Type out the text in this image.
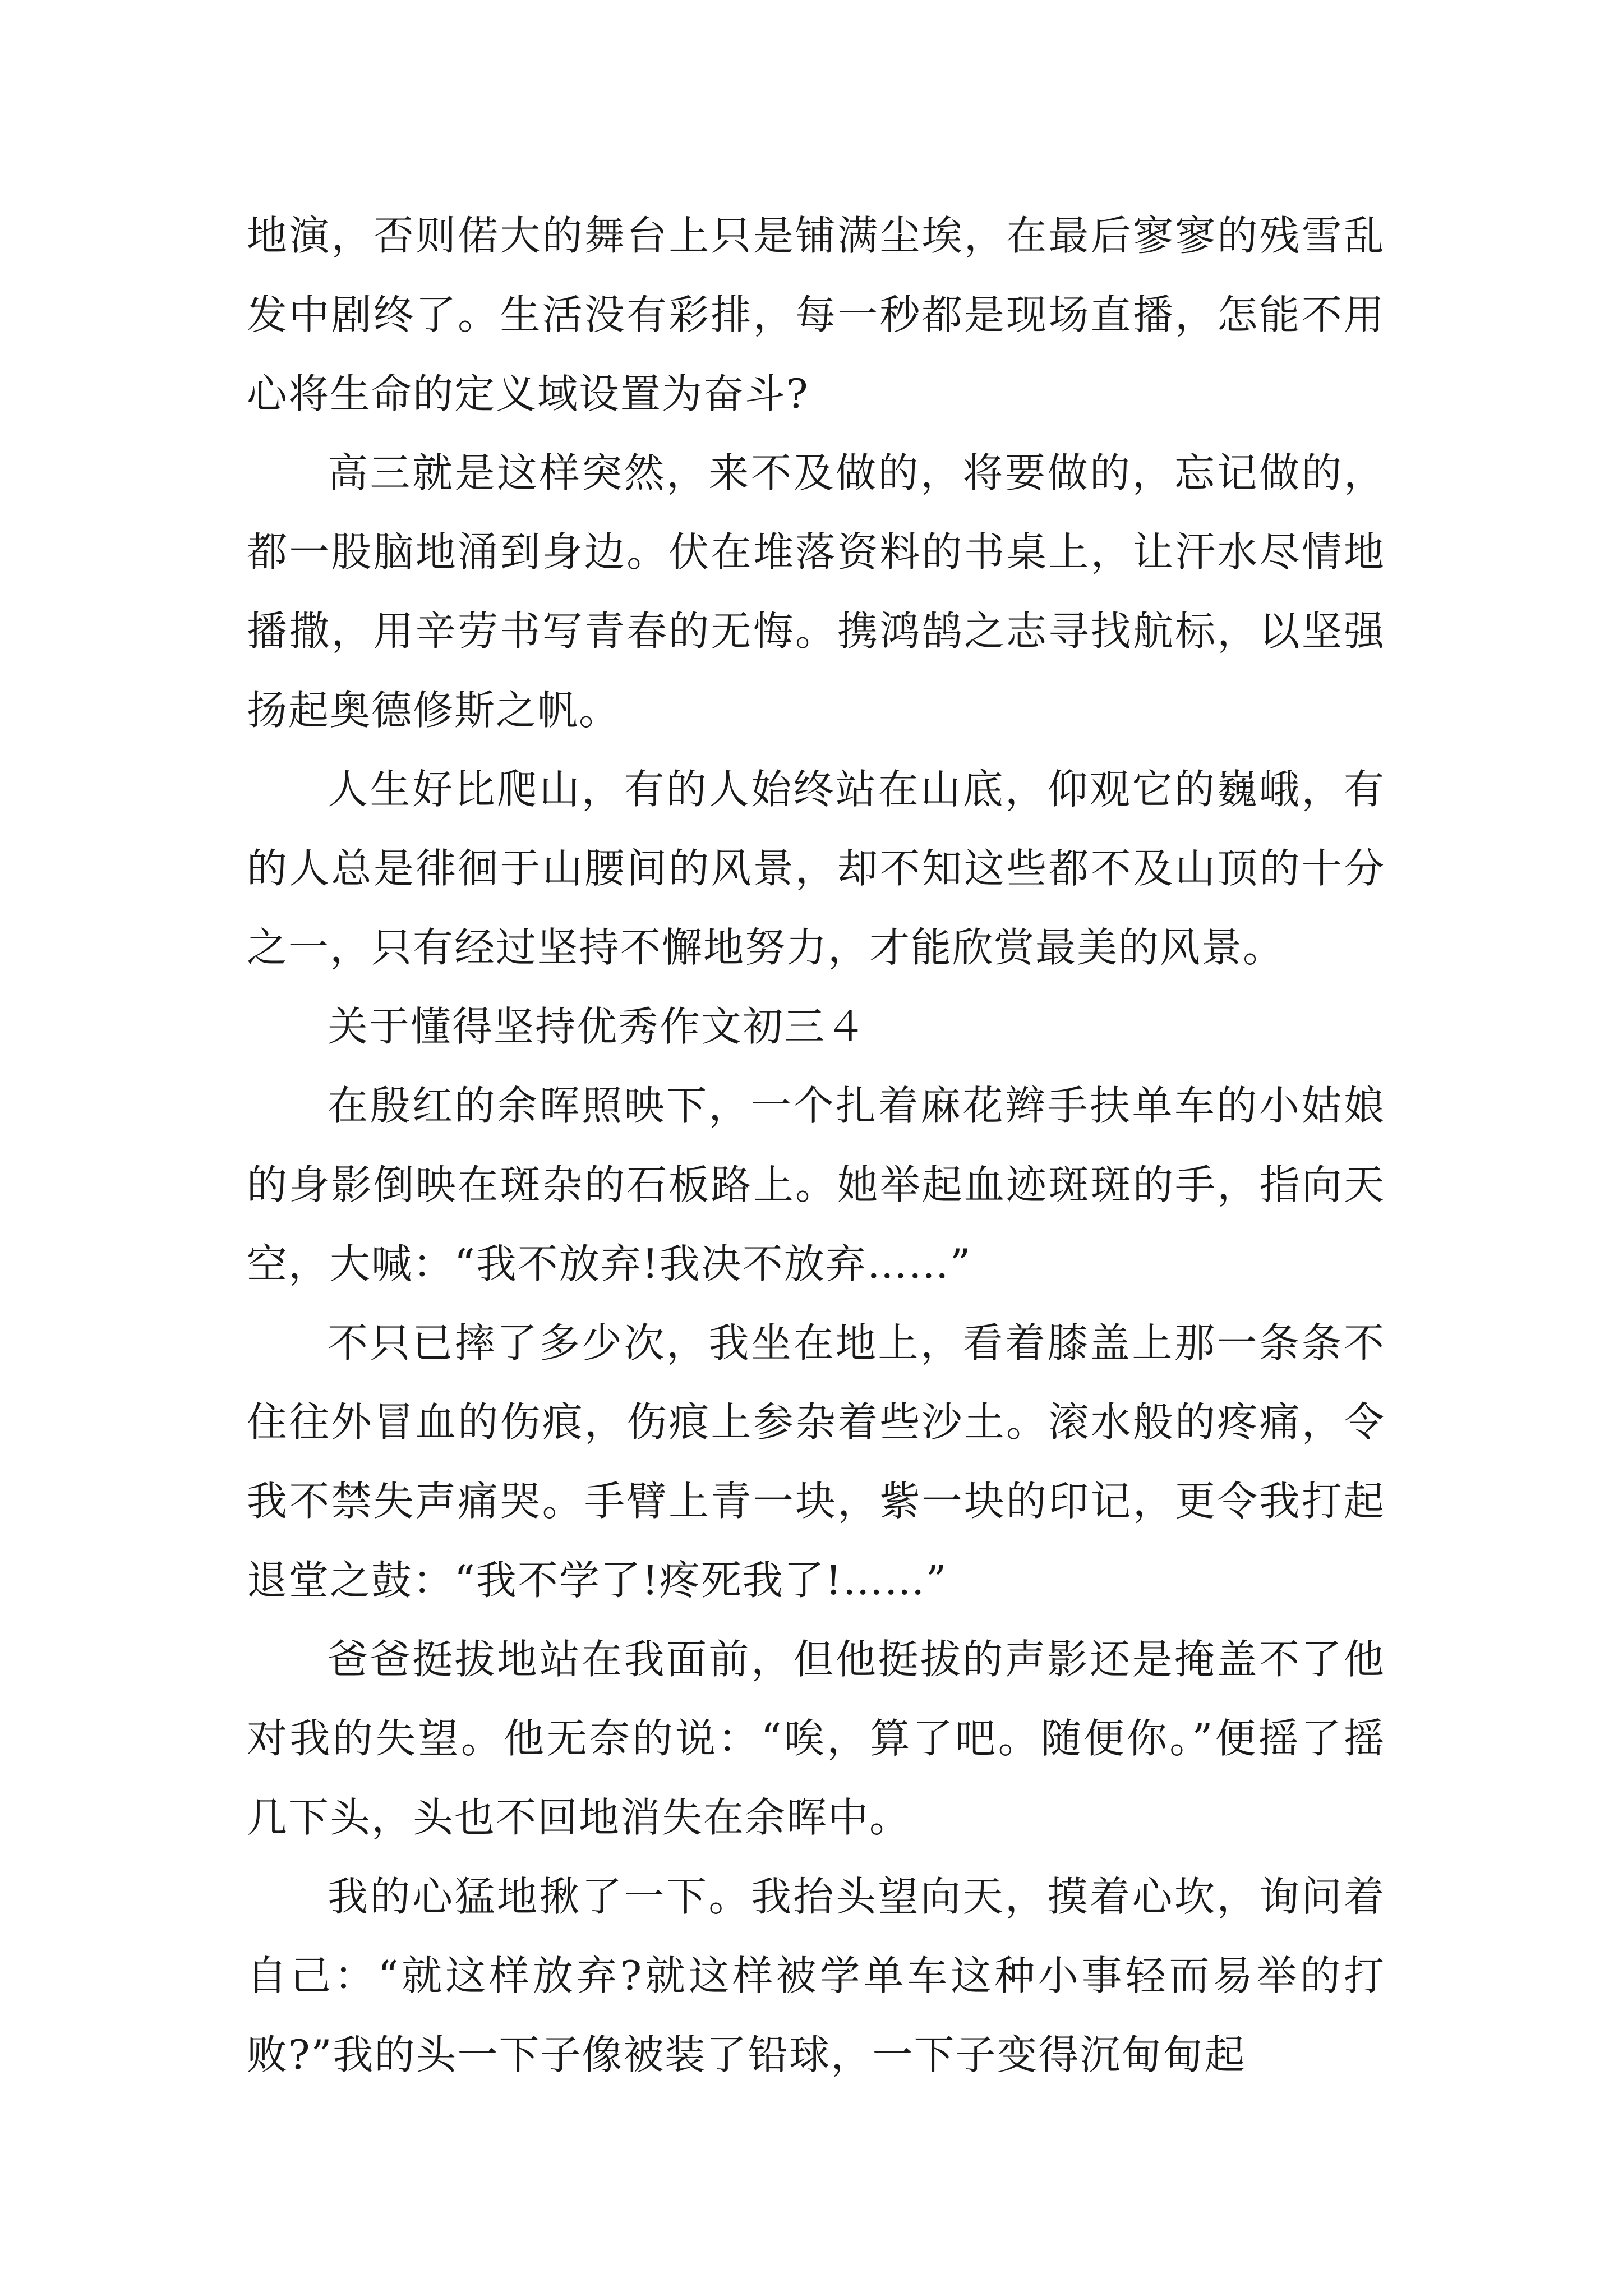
地演，否则偌大的舞台上只是铺满尘埃，在最后寥寥的残雪乱发中剧终了。生活没有彩排，每一秒都是现场直播，怎能不用心将生命的定义域设置为奋斗?

高三就是这样突然，来不及做的，将要做的，忘记做的，都一股脑地涌到身边。伏在堆落资料的书桌上，让汗水尽情地播撒，用辛劳书写青春的无悔。携鸿鹄之志寻找航标，以坚强扬起奥德修斯之帆。

人生好比爬山，有的人始终站在山底，仰观它的巍峨，有的人总是徘徊于山腰间的风景，却不知这些都不及山顶的十分之一，只有经过坚持不懈地努力，才能欣赏最美的风景。

关于懂得坚持优秀作文初三４

在殷红的余晖照映下，一个扎着麻花辫手扶单车的小姑娘的身影倒映在斑杂的石板路上。她举起血迹斑斑的手，指向天空，大喊：“我不放弃!我决不放弃……”

不只已摔了多少次，我坐在地上，看着膝盖上那一条条不住往外冒血的伤痕，伤痕上参杂着些沙土。滚水般的疼痛，令我不禁失声痛哭。手臂上青一块，紫一块的印记，更令我打起退堂之鼓：“我不学了!疼死我了!……”

爸爸挺拔地站在我面前，但他挺拔的声影还是掩盖不了他对我的失望。他无奈的说：“唉，算了吧。随便你。”便摇了摇几下头，头也不回地消失在余晖中。

我的心猛地揪了一下。我抬头望向天，摸着心坎，询问着自己：“就这样放弃?就这样被学单车这种小事轻而易举的打败?”我的头一下子像被装了铅球，一下子变得沉甸甸起
